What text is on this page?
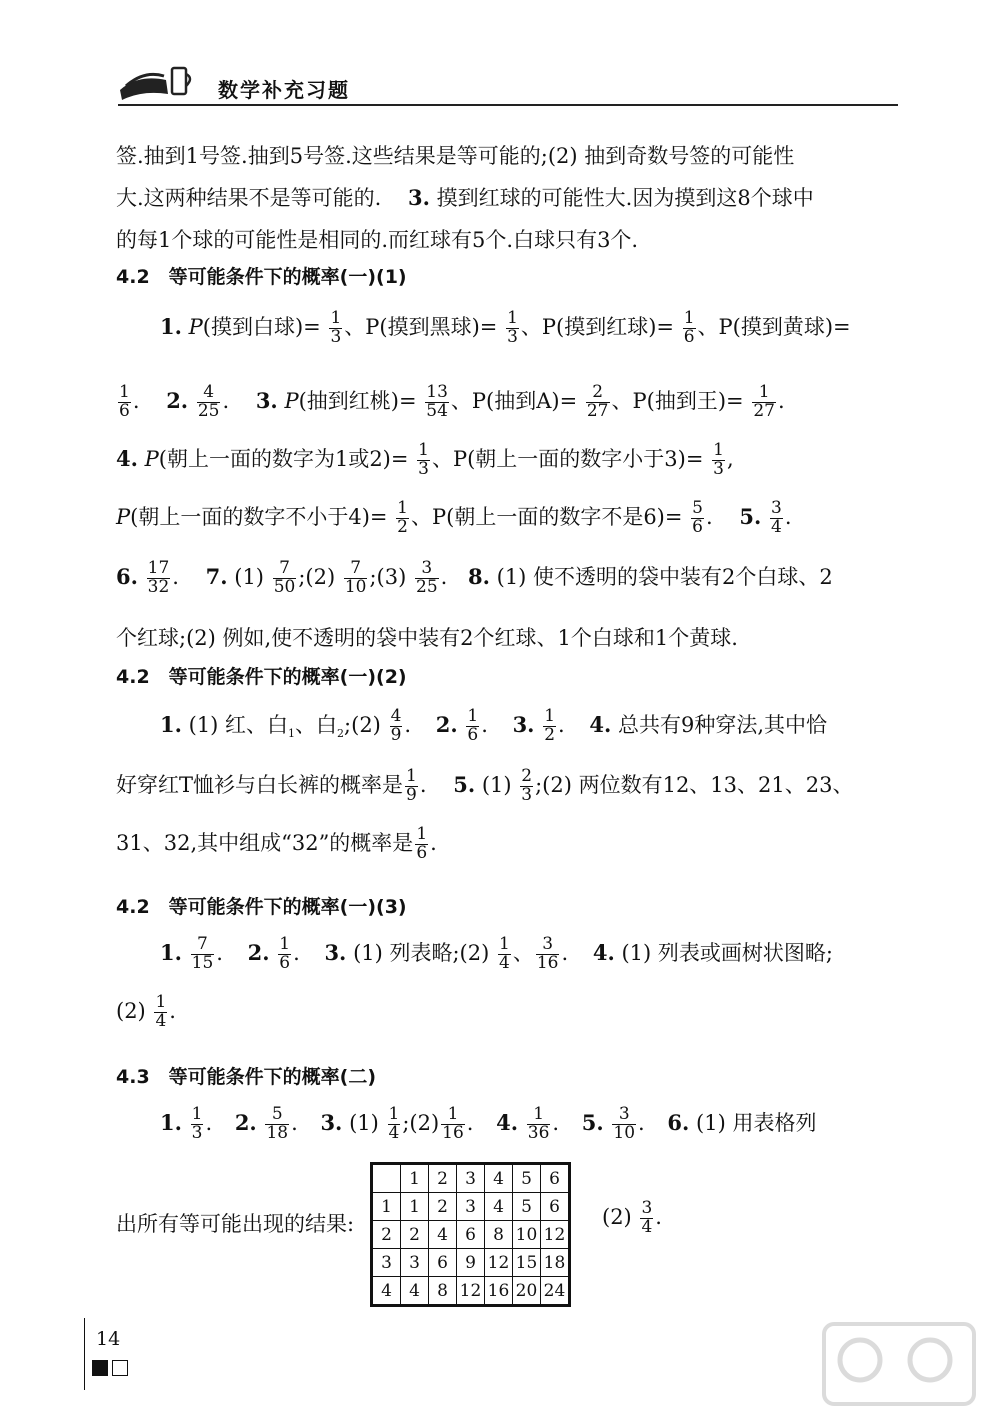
数学补充习题
签.抽到1号签.抽到5号签.这些结果是等可能的;(2) 抽到奇数号签的可能性
大.这两种结果不是等可能的. 3. 摸到红球的可能性大.因为摸到这8个球中
的每1个球的可能性是相同的.而红球有5个.白球只有3个.
4.2　等可能条件下的概率(一)(1)
1. P(摸到白球)= $\frac{1}{3}$ 、P(摸到黑球)= $\frac{1}{3}$ 、P(摸到红球)= $\frac{1}{6}$ 、P(摸到黄球)=
$\frac{1}{6}$ . 2. $\frac{4}{25}$ . 3. P(抽到红桃)= $\frac{13}{54}$ 、P(抽到$A)= \frac{2}{27}$ 、P(抽到王)= $\frac{1}{27}$ .
4. P(朝上一面的数字为1或$2)= \frac{1}{3}$ 、P(朝上一面的数字小于$3)= \frac{1}{3}$ ,
P(朝上一面的数字不小于$4)= \frac{1}{2}$ 、P(朝上一面的数字不是$6)= \frac{5}{6}$ . 5. $\frac{3}{4}$ .
6. $\frac{17}{32}$ . 7. $(1) \frac{7}{50}$ ;(2) $\frac{7}{10}$ ;(3) $\frac{3}{25}$ . 8. (1) 使不透明的袋中装有2个白球、2
个红球;(2) 例如,使不透明的袋中装有2个红球、1个白球和1个黄球.
4.2　等可能条件下的概率(一)(2)
1. (1) 红、白$_1$、白$_2$;(2) $\frac{4}{9}$ . 2. $\frac{1}{6}$ . 3. $\frac{1}{2}$ . 4. 总共有9种穿法,其中恰
好穿红T恤衫与白长裤的概率是 $\frac{1}{9}$ . 5. $(1) \frac{2}{3}$ ;(2) 两位数有12、13、21、23、
31、32,其中组成“32”的概率是 $\frac{1}{6}$ .
4.2　等可能条件下的概率(一)(3)
1. $\frac{7}{15}$ . 2. $\frac{1}{6}$ . 3. (1) 列表略;(2) $\frac{1}{4}$ 、 $\frac{3}{16}$ . 4. (1) 列表或画树状图略;
$(2) \frac{1}{4}$ .
4.3　等可能条件下的概率(二)
1. $\frac{1}{3}$ . 2. $\frac{5}{18}$ . 3. $(1) \frac{1}{4}$ ;(2) $\frac{1}{16}$ . 4. $\frac{1}{36}$ . 5. $\frac{3}{10}$ . 6. (1) 用表格列
出所有等可能出现的结果:
	1	2	3	4	5	6
1	1	2	3	4	5	6
2	2	4	6	8	10	12
3	3	6	9	12	15	18
4	4	8	12	16	20	24
$(2) \frac{3}{4}$ .
14
